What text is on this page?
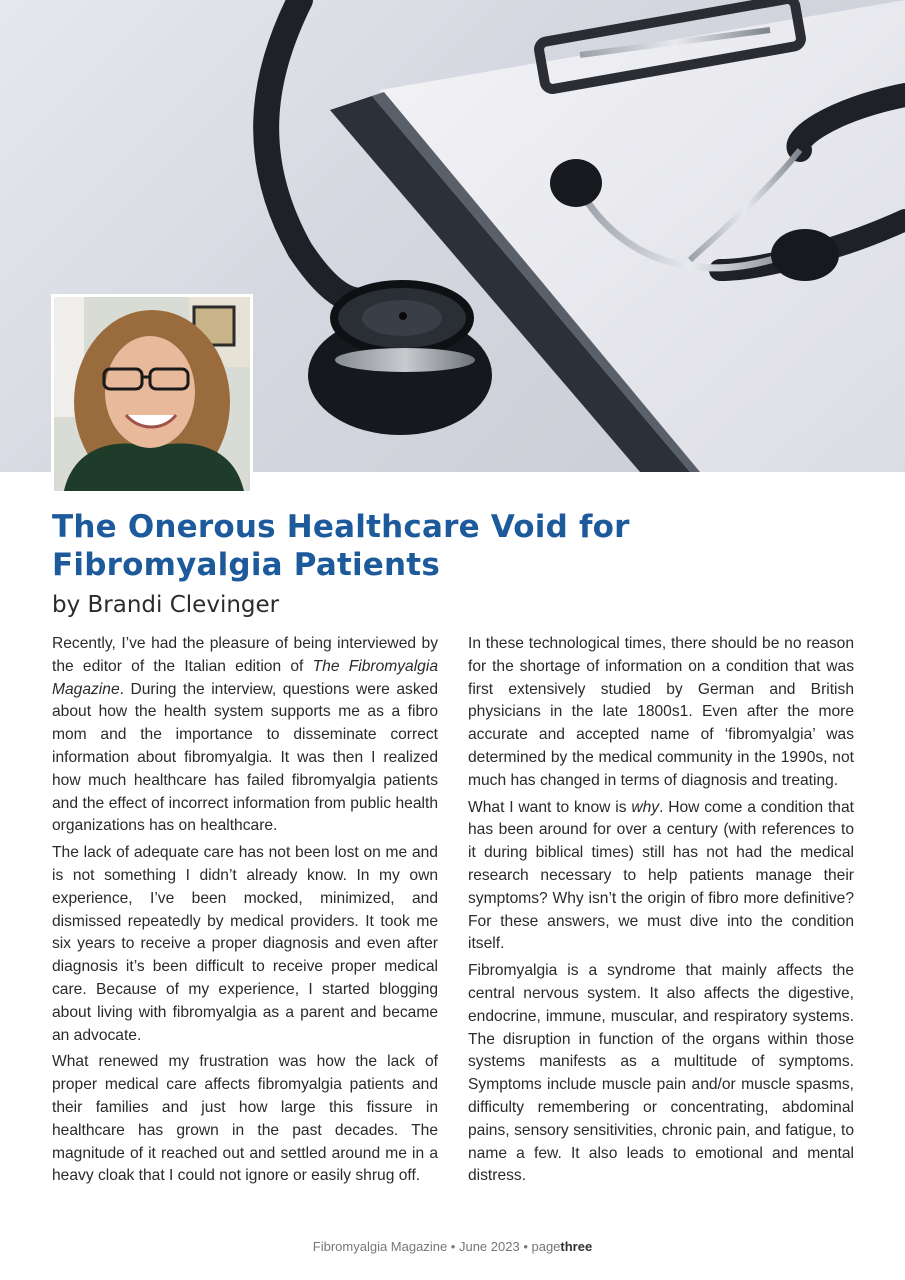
The Onerous Healthcare Void for Fibromyalgia Patients
by Brandi Clevinger

Recently, I’ve had the pleasure of being interviewed by the editor of the Italian edition of The Fibromyalgia Magazine. During the interview, questions were asked about how the health system supports me as a fibro mom and the importance to disseminate correct information about fibromyalgia. It was then I realized how much healthcare has failed fibromyalgia patients and the effect of incorrect information from public health organizations has on healthcare.

The lack of adequate care has not been lost on me and is not something I didn’t already know. In my own experience, I’ve been mocked, minimized, and dismissed repeatedly by medical providers. It took me six years to receive a proper diagnosis and even after diagnosis it’s been difficult to receive proper medical care. Because of my experience, I started blogging about living with fibromyalgia as a parent and became an advocate.

What renewed my frustration was how the lack of proper medical care affects fibromyalgia patients and their families and just how large this fissure in healthcare has grown in the past decades. The magnitude of it reached out and settled around me in a heavy cloak that I could not ignore or easily shrug off.

In these technological times, there should be no reason for the shortage of information on a condition that was first extensively studied by German and British physicians in the late 1800s1. Even after the more accurate and accepted name of ‘fibromyalgia’ was determined by the medical community in the 1990s, not much has changed in terms of diagnosis and treating.

What I want to know is why. How come a condition that has been around for over a century (with references to it during biblical times) still has not had the medical research necessary to help patients manage their symptoms? Why isn’t the origin of fibro more definitive? For these answers, we must dive into the condition itself.

Fibromyalgia is a syndrome that mainly affects the central nervous system. It also affects the digestive, endocrine, immune, muscular, and respiratory systems. The disruption in function of the organs within those systems manifests as a multitude of symptoms. Symptoms include muscle pain and/or muscle spasms, difficulty remembering or concentrating, abdominal pains, sensory sensitivities, chronic pain, and fatigue, to name a few. It also leads to emotional and mental distress.

Fibromyalgia Magazine • June 2023 • pagethree
